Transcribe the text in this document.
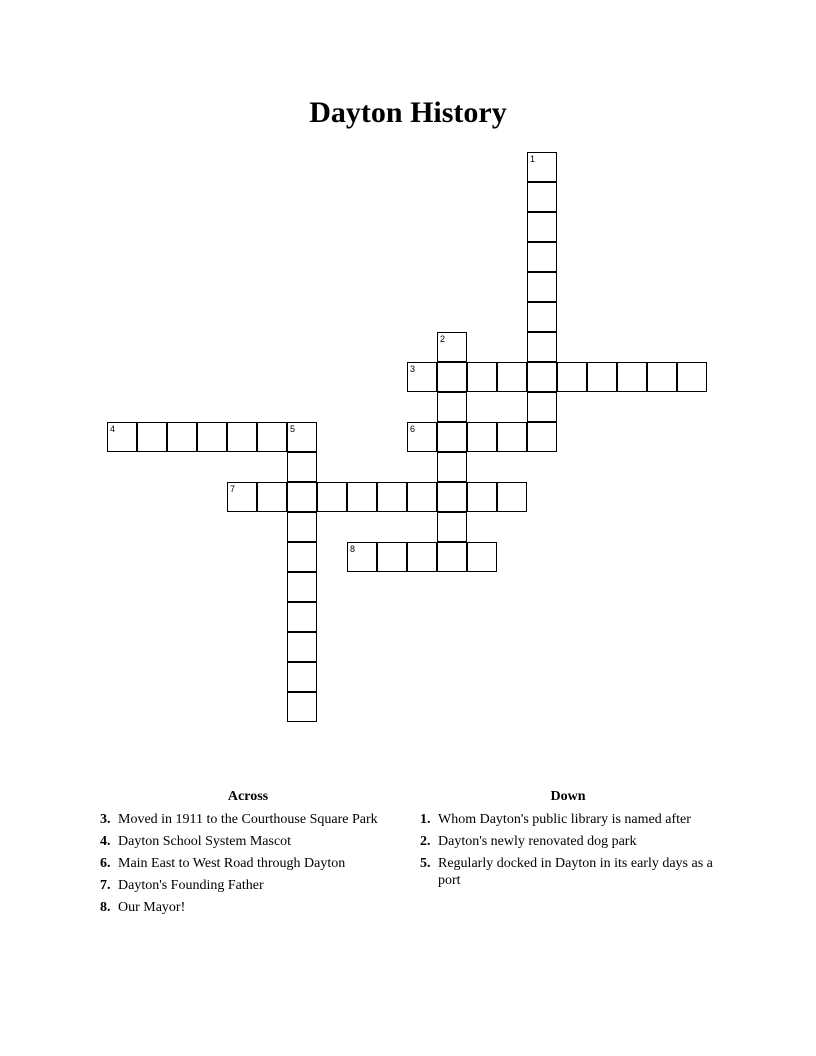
Dayton History
1
2
3
4	5	6
7
8
Across
3. Moved in 1911 to the Courthouse Square Park
4. Dayton School System Mascot
6. Main East to West Road through Dayton
7. Dayton's Founding Father
8. Our Mayor!
Down
1. Whom Dayton's public library is named after
2. Dayton's newly renovated dog park
5. Regularly docked in Dayton in its early days as a port
